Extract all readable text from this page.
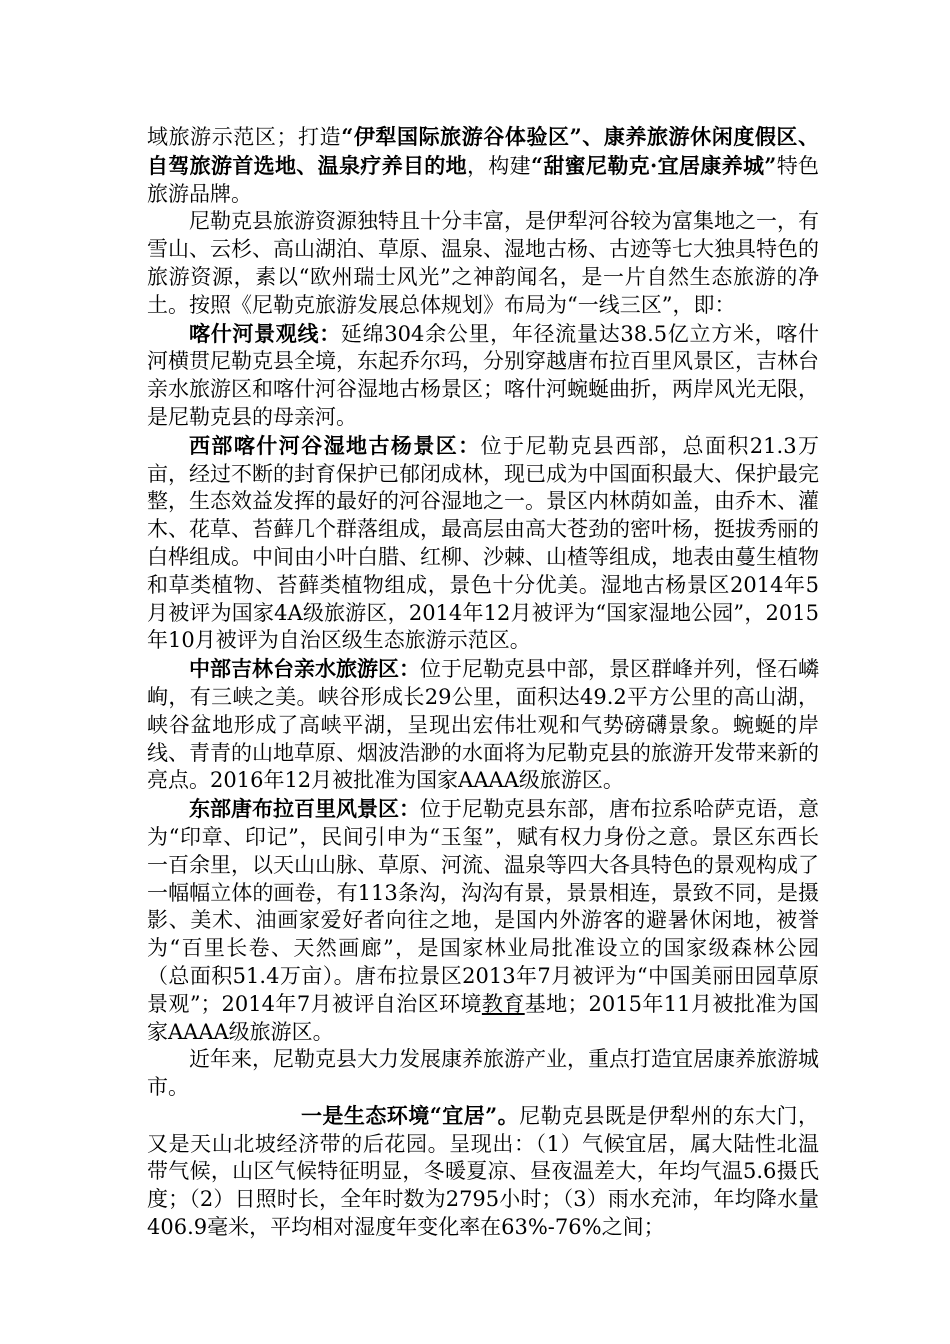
域旅游示范区；打造“伊犁国际旅游谷体验区”、康养旅游休闲度假区、自驾旅游首选地、温泉疗养目的地，构建“甜蜜尼勒克·宜居康养城”特色旅游品牌。

尼勒克县旅游资源独特且十分丰富，是伊犁河谷较为富集地之一，有雪山、云杉、高山湖泊、草原、温泉、湿地古杨、古迹等七大独具特色的旅游资源，素以“欧州瑞士风光”之神韵闻名，是一片自然生态旅游的净土。按照《尼勒克旅游发展总体规划》布局为“一线三区”，即：

喀什河景观线：延绵304余公里，年径流量达38.5亿立方米，喀什河横贯尼勒克县全境，东起乔尔玛，分别穿越唐布拉百里风景区，吉林台亲水旅游区和喀什河谷湿地古杨景区；喀什河蜿蜒曲折，两岸风光无限，是尼勒克县的母亲河。

西部喀什河谷湿地古杨景区：位于尼勒克县西部，总面积21.3万亩，经过不断的封育保护已郁闭成林，现已成为中国面积最大、保护最完整，生态效益发挥的最好的河谷湿地之一。景区内林荫如盖，由乔木、灌木、花草、苔藓几个群落组成，最高层由高大苍劲的密叶杨，挺拔秀丽的白桦组成。中间由小叶白腊、红柳、沙棘、山楂等组成，地表由蔓生植物和草类植物、苔藓类植物组成，景色十分优美。湿地古杨景区2014年5月被评为国家4A级旅游区，2014年12月被评为“国家湿地公园”，2015年10月被评为自治区级生态旅游示范区。

中部吉林台亲水旅游区：位于尼勒克县中部，景区群峰并列，怪石嶙峋，有三峡之美。峡谷形成长29公里，面积达49.2平方公里的高山湖，峡谷盆地形成了高峡平湖，呈现出宏伟壮观和气势磅礴景象。蜿蜒的岸线、青青的山地草原、烟波浩渺的水面将为尼勒克县的旅游开发带来新的亮点。2016年12月被批准为国家AAAA级旅游区。

东部唐布拉百里风景区：位于尼勒克县东部，唐布拉系哈萨克语，意为“印章、印记”，民间引申为“玉玺”，赋有权力身份之意。景区东西长一百余里，以天山山脉、草原、河流、温泉等四大各具特色的景观构成了一幅幅立体的画卷，有113条沟，沟沟有景，景景相连，景致不同，是摄影、美术、油画家爱好者向往之地，是国内外游客的避暑休闲地，被誉为“百里长卷、天然画廊”，是国家林业局批准设立的国家级森林公园（总面积51.4万亩）。唐布拉景区2013年7月被评为“中国美丽田园草原景观”；2014年7月被评自治区环境教育基地；2015年11月被批准为国家AAAA级旅游区。

近年来，尼勒克县大力发展康养旅游产业，重点打造宜居康养旅游城市。

一是生态环境“宜居”。尼勒克县既是伊犁州的东大门，又是天山北坡经济带的后花园。呈现出：（1）气候宜居，属大陆性北温带气候，山区气候特征明显，冬暖夏凉、昼夜温差大，年均气温5.6摄氏度；（2）日照时长，全年时数为2795小时；（3）雨水充沛，年均降水量406.9毫米，平均相对湿度年变化率在63%-76%之间；
